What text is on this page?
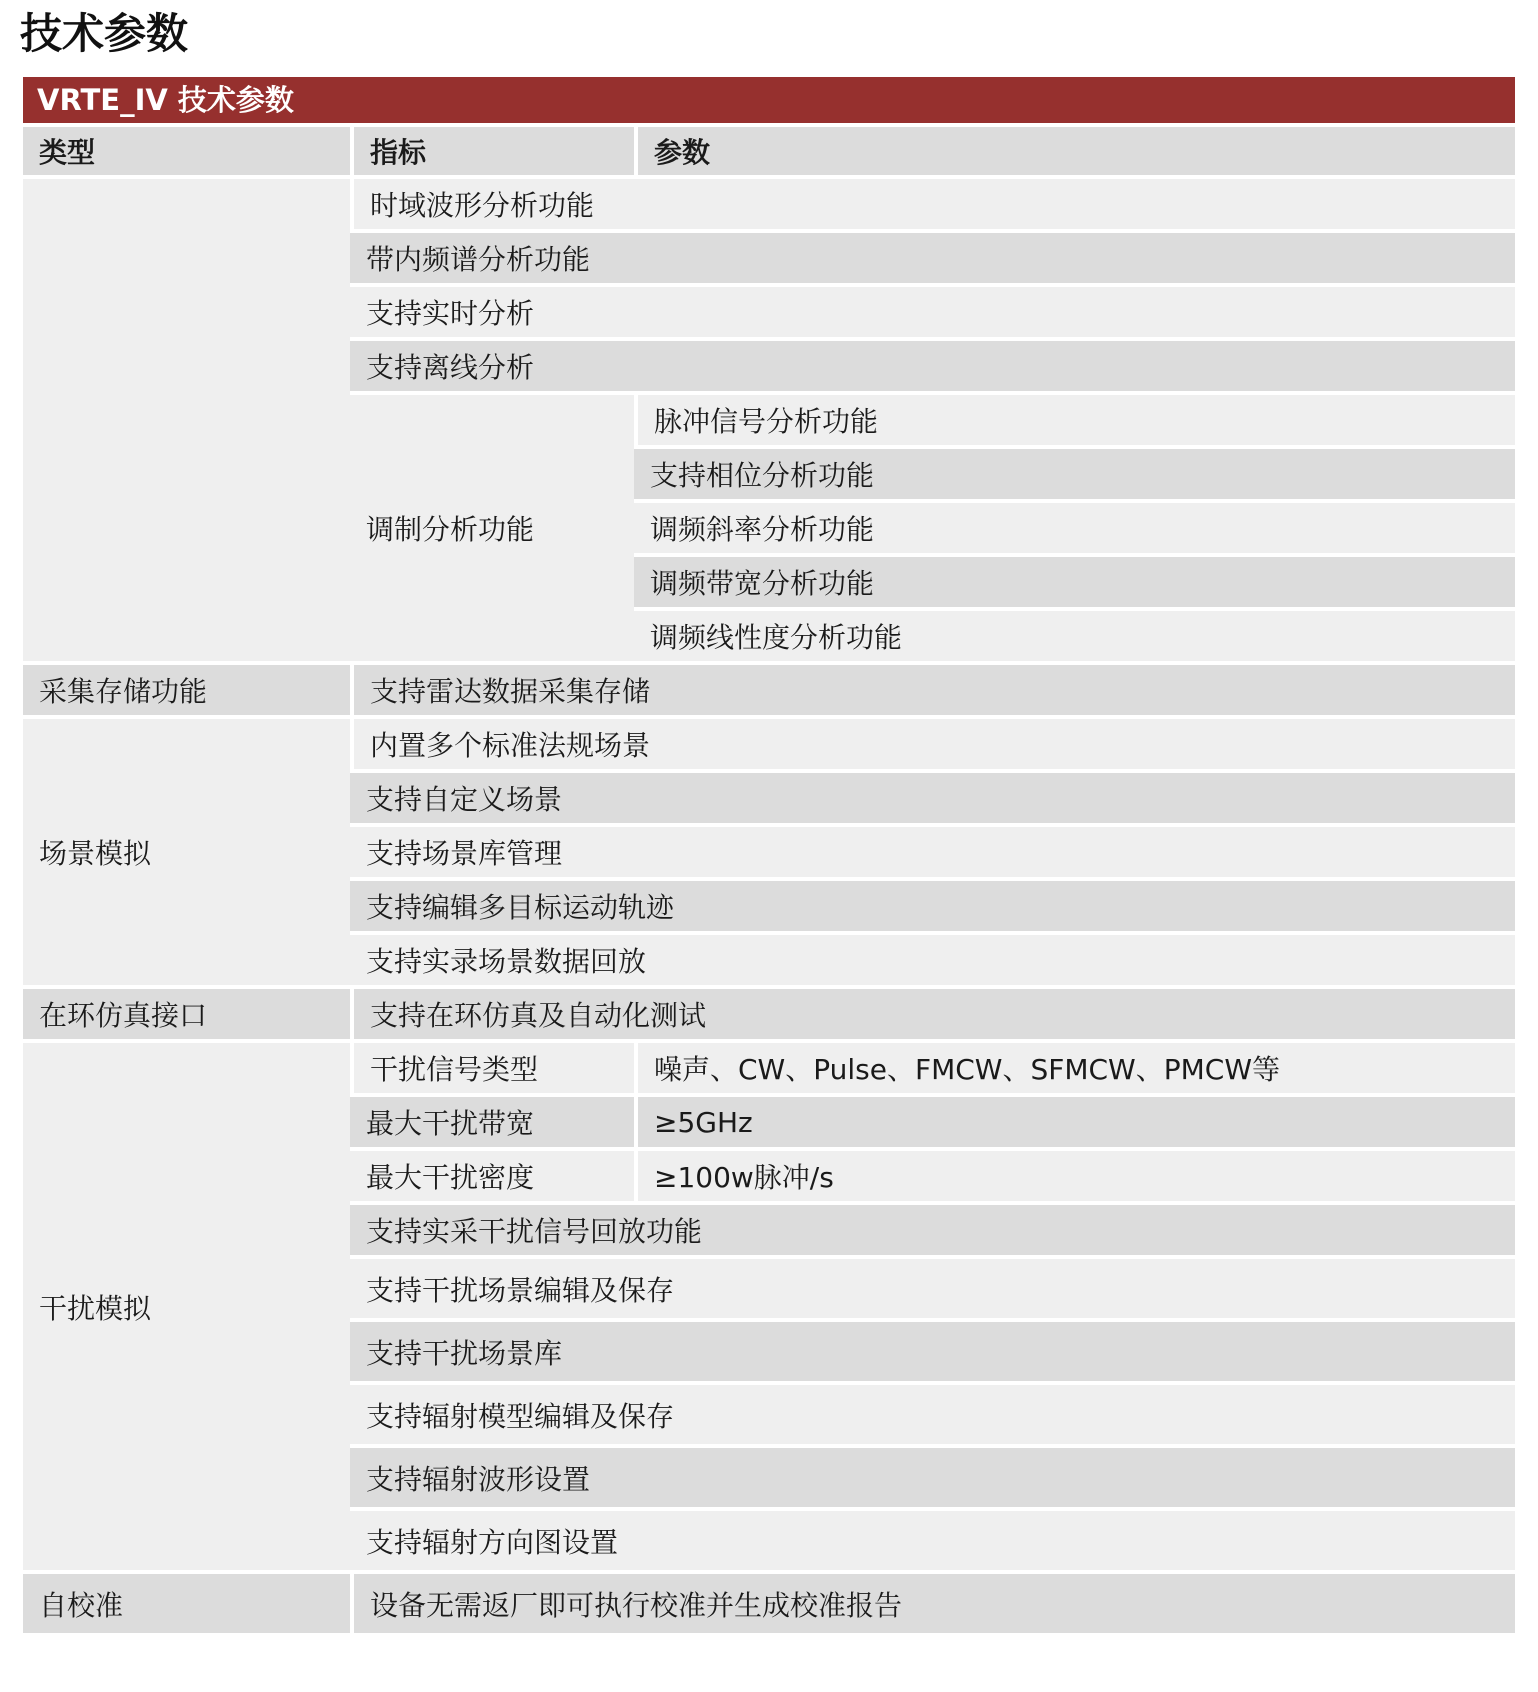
技术参数
VRTE_IV 技术参数
类型	指标	参数
	时域波形分析功能	
	带内频谱分析功能	
	支持实时分析	
	支持离线分析	
	调制分析功能	脉冲信号分析功能
		支持相位分析功能
		调频斜率分析功能
		调频带宽分析功能
		调频线性度分析功能
采集存储功能	支持雷达数据采集存储	
场景模拟	内置多个标准法规场景	
	支持自定义场景	
	支持场景库管理	
	支持编辑多目标运动轨迹	
	支持实录场景数据回放	
在环仿真接口	支持在环仿真及自动化测试	
干扰模拟	干扰信号类型	噪声、CW、Pulse、FMCW、SFMCW、PMCW等
	最大干扰带宽	≥5GHz
	最大干扰密度	≥100w脉冲/s
	支持实采干扰信号回放功能	
	支持干扰场景编辑及保存	
	支持干扰场景库	
	支持辐射模型编辑及保存	
	支持辐射波形设置	
	支持辐射方向图设置	
自校准	设备无需返厂即可执行校准并生成校准报告	
